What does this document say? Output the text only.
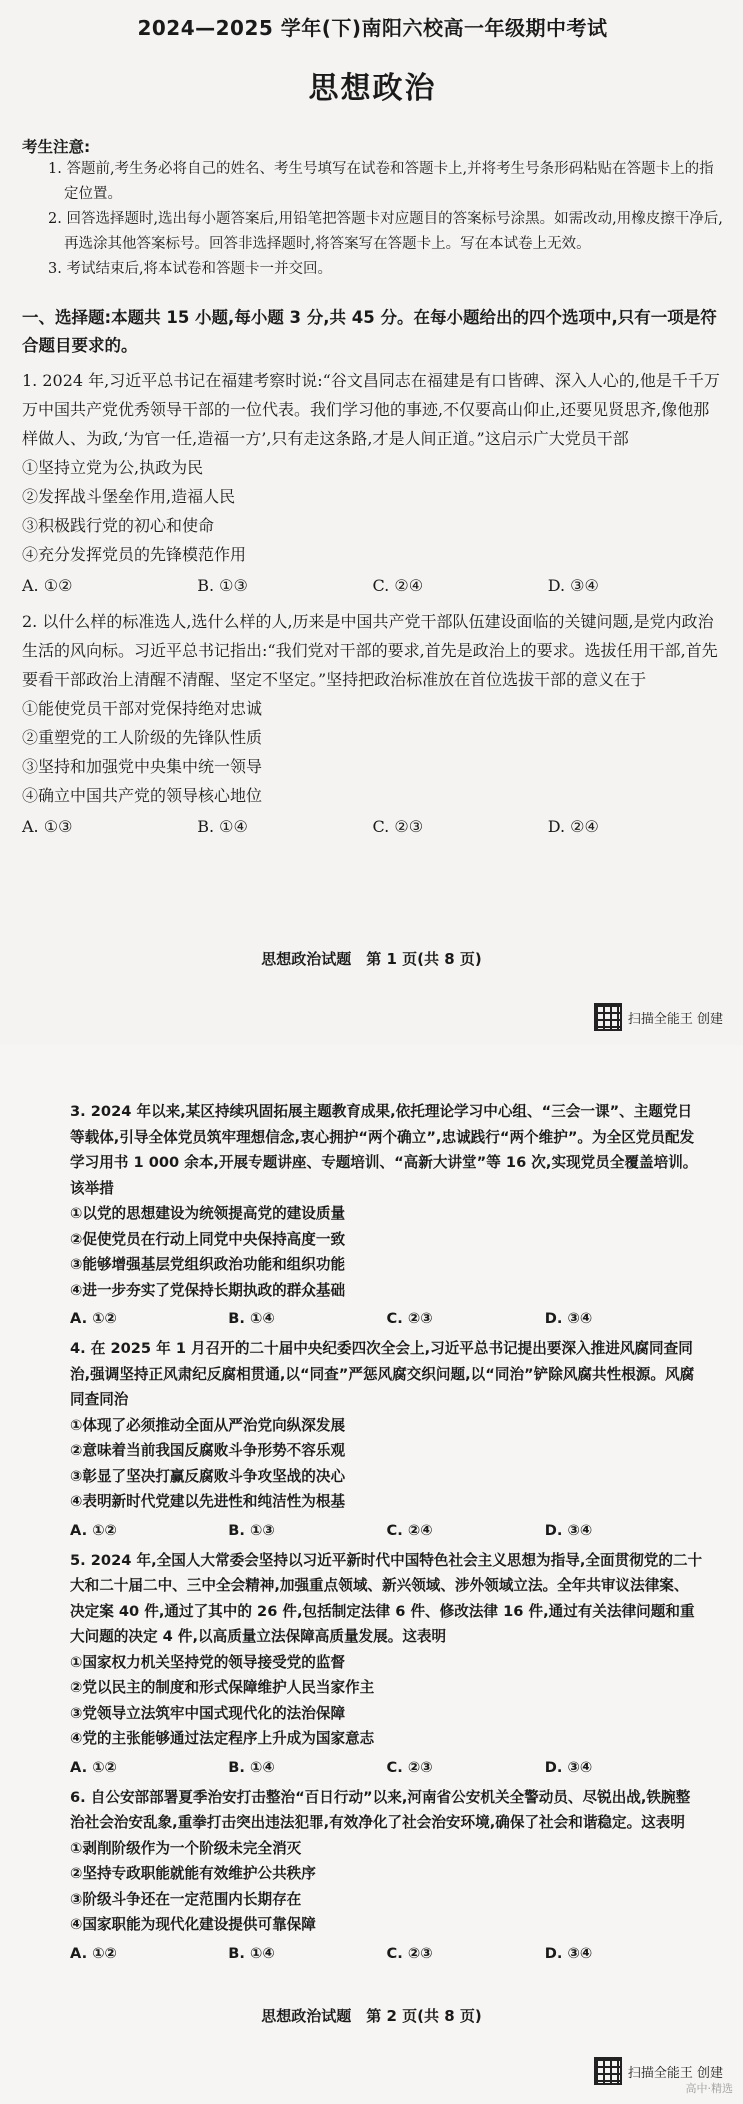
2024—2025 学年(下)南阳六校高一年级期中考试
思想政治
考生注意:
1. 答题前,考生务必将自己的姓名、考生号填写在试卷和答题卡上,并将考生号条形码粘贴在答题卡上的指定位置。
2. 回答选择题时,选出每小题答案后,用铅笔把答题卡对应题目的答案标号涂黑。如需改动,用橡皮擦干净后,再选涂其他答案标号。回答非选择题时,将答案写在答题卡上。写在本试卷上无效。
3. 考试结束后,将本试卷和答题卡一并交回。
一、选择题:本题共 15 小题,每小题 3 分,共 45 分。在每小题给出的四个选项中,只有一项是符合题目要求的。
1. 2024 年,习近平总书记在福建考察时说:“谷文昌同志在福建是有口皆碑、深入人心的,他是千千万万中国共产党优秀领导干部的一位代表。我们学习他的事迹,不仅要高山仰止,还要见贤思齐,像他那样做人、为政,‘为官一任,造福一方’,只有走这条路,才是人间正道。”这启示广大党员干部
①坚持立党为公,执政为民
②发挥战斗堡垒作用,造福人民
③积极践行党的初心和使命
④充分发挥党员的先锋模范作用
A. ①②	B. ①③	C. ②④	D. ③④
2. 以什么样的标准选人,选什么样的人,历来是中国共产党干部队伍建设面临的关键问题,是党内政治生活的风向标。习近平总书记指出:“我们党对干部的要求,首先是政治上的要求。选拔任用干部,首先要看干部政治上清醒不清醒、坚定不坚定。”坚持把政治标准放在首位选拔干部的意义在于
①能使党员干部对党保持绝对忠诚
②重塑党的工人阶级的先锋队性质
③坚持和加强党中央集中统一领导
④确立中国共产党的领导核心地位
A. ①③	B. ①④	C. ②③	D. ②④
思想政治试题　第 1 页(共 8 页)
扫描全能王 创建
3. 2024 年以来,某区持续巩固拓展主题教育成果,依托理论学习中心组、“三会一课”、主题党日等载体,引导全体党员筑牢理想信念,衷心拥护“两个确立”,忠诚践行“两个维护”。为全区党员配发学习用书 1 000 余本,开展专题讲座、专题培训、“高新大讲堂”等 16 次,实现党员全覆盖培训。该举措
①以党的思想建设为统领提高党的建设质量
②促使党员在行动上同党中央保持高度一致
③能够增强基层党组织政治功能和组织功能
④进一步夯实了党保持长期执政的群众基础
A. ①②	B. ①④	C. ②③	D. ③④
4. 在 2025 年 1 月召开的二十届中央纪委四次全会上,习近平总书记提出要深入推进风腐同查同治,强调坚持正风肃纪反腐相贯通,以“同查”严惩风腐交织问题,以“同治”铲除风腐共性根源。风腐同查同治
①体现了必须推动全面从严治党向纵深发展
②意味着当前我国反腐败斗争形势不容乐观
③彰显了坚决打赢反腐败斗争攻坚战的决心
④表明新时代党建以先进性和纯洁性为根基
A. ①②	B. ①③	C. ②④	D. ③④
5. 2024 年,全国人大常委会坚持以习近平新时代中国特色社会主义思想为指导,全面贯彻党的二十大和二十届二中、三中全会精神,加强重点领域、新兴领域、涉外领域立法。全年共审议法律案、决定案 40 件,通过了其中的 26 件,包括制定法律 6 件、修改法律 16 件,通过有关法律问题和重大问题的决定 4 件,以高质量立法保障高质量发展。这表明
①国家权力机关坚持党的领导接受党的监督
②党以民主的制度和形式保障维护人民当家作主
③党领导立法筑牢中国式现代化的法治保障
④党的主张能够通过法定程序上升成为国家意志
A. ①②	B. ①④	C. ②③	D. ③④
6. 自公安部部署夏季治安打击整治“百日行动”以来,河南省公安机关全警动员、尽锐出战,铁腕整治社会治安乱象,重拳打击突出违法犯罪,有效净化了社会治安环境,确保了社会和谐稳定。这表明
①剥削阶级作为一个阶级未完全消灭
②坚持专政职能就能有效维护公共秩序
③阶级斗争还在一定范围内长期存在
④国家职能为现代化建设提供可靠保障
A. ①②	B. ①④	C. ②③	D. ③④
思想政治试题　第 2 页(共 8 页)
扫描全能王 创建
高中·精选
